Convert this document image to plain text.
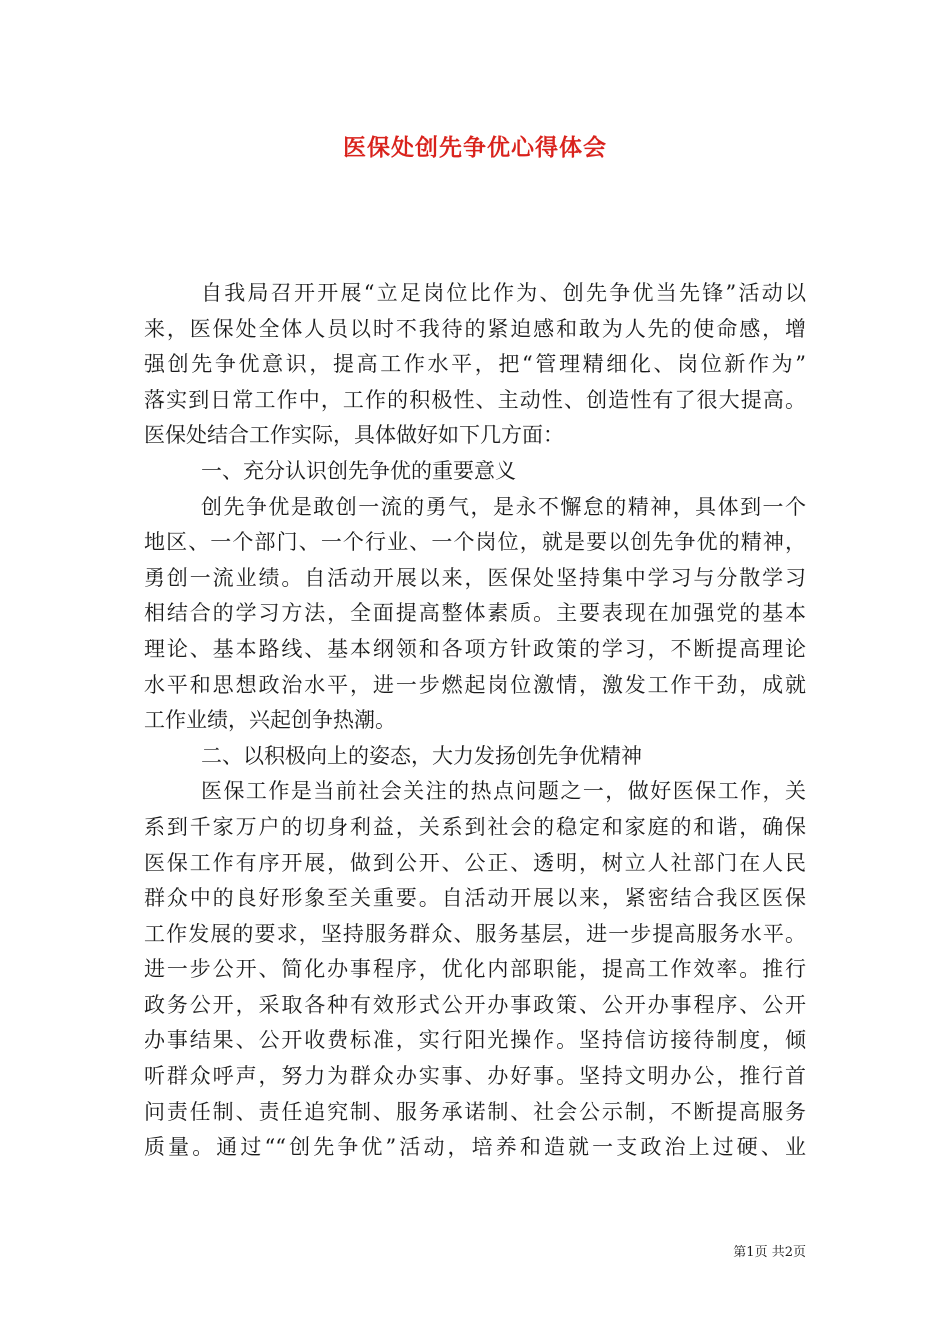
医保处创先争优心得体会
自我局召开开展“立足岗位比作为、创先争优当先锋”活动以
来，医保处全体人员以时不我待的紧迫感和敢为人先的使命感，增
强创先争优意识，提高工作水平，把“管理精细化、岗位新作为”
落实到日常工作中，工作的积极性、主动性、创造性有了很大提高。
医保处结合工作实际，具体做好如下几方面：
一、充分认识创先争优的重要意义
创先争优是敢创一流的勇气，是永不懈怠的精神，具体到一个
地区、一个部门、一个行业、一个岗位，就是要以创先争优的精神，
勇创一流业绩。自活动开展以来，医保处坚持集中学习与分散学习
相结合的学习方法，全面提高整体素质。主要表现在加强党的基本
理论、基本路线、基本纲领和各项方针政策的学习，不断提高理论
水平和思想政治水平，进一步燃起岗位激情，激发工作干劲，成就
工作业绩，兴起创争热潮。
二、以积极向上的姿态，大力发扬创先争优精神
医保工作是当前社会关注的热点问题之一，做好医保工作，关
系到千家万户的切身利益，关系到社会的稳定和家庭的和谐，确保
医保工作有序开展，做到公开、公正、透明，树立人社部门在人民
群众中的良好形象至关重要。自活动开展以来，紧密结合我区医保
工作发展的要求，坚持服务群众、服务基层，进一步提高服务水平。
进一步公开、简化办事程序，优化内部职能，提高工作效率。推行
政务公开，采取各种有效形式公开办事政策、公开办事程序、公开
办事结果、公开收费标准，实行阳光操作。坚持信访接待制度，倾
听群众呼声，努力为群众办实事、办好事。坚持文明办公，推行首
问责任制、责任追究制、服务承诺制、社会公示制，不断提高服务
质量。通过““创先争优”活动，培养和造就一支政治上过硬、业
第1页 共2页
